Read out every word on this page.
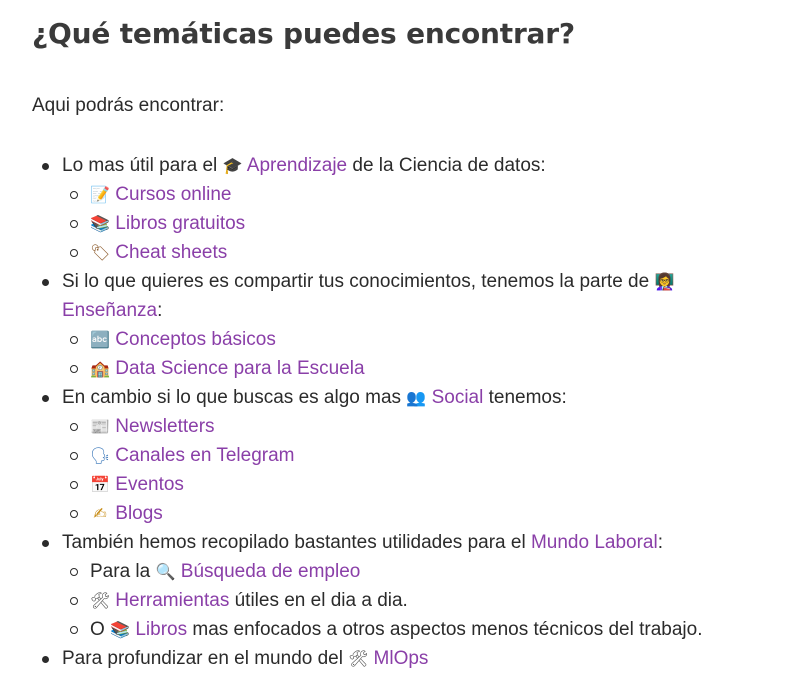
¿Qué temáticas puedes encontrar?

Aqui podrás encontrar:

Lo mas útil para el 🎓 Aprendizaje de la Ciencia de datos:
📝 Cursos online
📚 Libros gratuitos
🏷 Cheat sheets
Si lo que quieres es compartir tus conocimientos, tenemos la parte de 👩‍🏫 Enseñanza:
🔤 Conceptos básicos
🏫 Data Science para la Escuela
En cambio si lo que buscas es algo mas 👥 Social tenemos:
📰 Newsletters
🗣 Canales en Telegram
📅 Eventos
✍ Blogs
También hemos recopilado bastantes utilidades para el Mundo Laboral:
Para la 🔍 Búsqueda de empleo
🛠 Herramientas útiles en el dia a dia.
O 📚 Libros mas enfocados a otros aspectos menos técnicos del trabajo.
Para profundizar en el mundo del 🛠 MlOps
